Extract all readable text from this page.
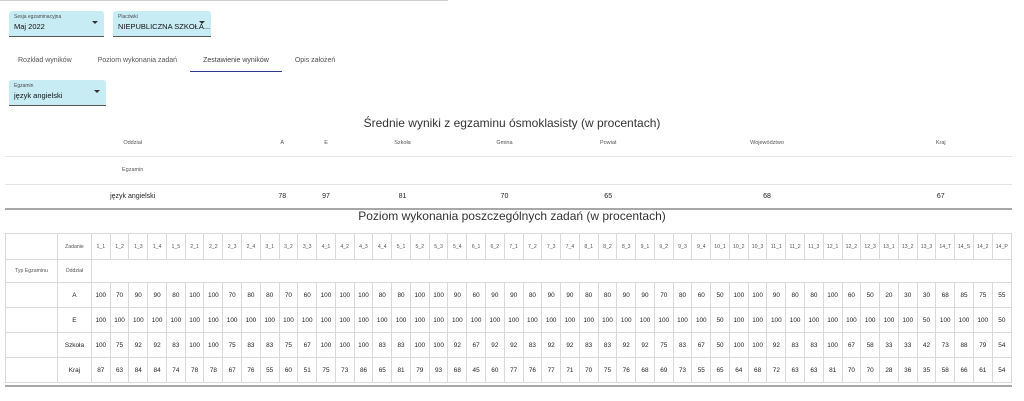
Sesja egzaminacyjna
Maj 2022
Placówki
NIEPUBLICZNA SZKOŁA...
Rozkład wyników	Poziom wykonania zadań	Zestawienie wyników	Opis założeń
Egzamin
język angielski
Średnie wyniki z egzaminu ósmoklasisty (w procentach)
Oddział	A	E	Szkoła	Gmina	Powiat	Województwo	Kraj
Egzamin							
język angielski	78	97	81	70	65	68	67
Poziom wykonania poszczególnych zadań (w procentach)
	Zadanie	1_1	1_2	1_3	1_4	1_5	2_1	2_2	2_3	2_4	3_1	3_2	3_3	4_1	4_2	4_3	4_4	5_1	5_2	5_3	5_4	6_1	6_2	7_1	7_2	7_3	7_4	8_1	8_2	8_3	9_1	9_2	9_3	9_4	10_1	10_2	10_3	11_1	11_2	11_3	12_1	12_2	12_3	13_1	13_2	13_3	14_T	14_S	14_2	14_P
Typ Egzaminu	Oddział																																																	
	A	100	70	90	90	80	100	100	70	80	80	70	60	100	100	100	80	80	100	100	90	60	90	90	80	90	90	80	80	90	90	70	80	60	50	100	100	90	80	80	100	60	50	20	30	30	68	85	75	55
	E	100	100	100	100	100	100	100	100	100	100	100	100	100	100	100	100	100	100	100	100	100	100	100	100	100	100	100	100	100	100	100	100	100	50	100	100	100	100	100	100	100	100	100	100	50	100	100	100	50
	Szkoła	100	75	92	92	83	100	100	75	83	83	75	67	100	100	100	83	83	100	100	92	67	92	92	83	92	92	83	83	92	92	75	83	67	50	100	100	92	83	83	100	67	58	33	33	42	73	88	79	54
	Kraj	87	63	84	84	74	78	78	67	76	55	60	51	75	73	86	65	81	79	93	68	45	60	77	76	77	71	70	75	76	68	69	73	55	65	64	68	72	63	63	81	70	70	28	36	35	58	66	61	54
